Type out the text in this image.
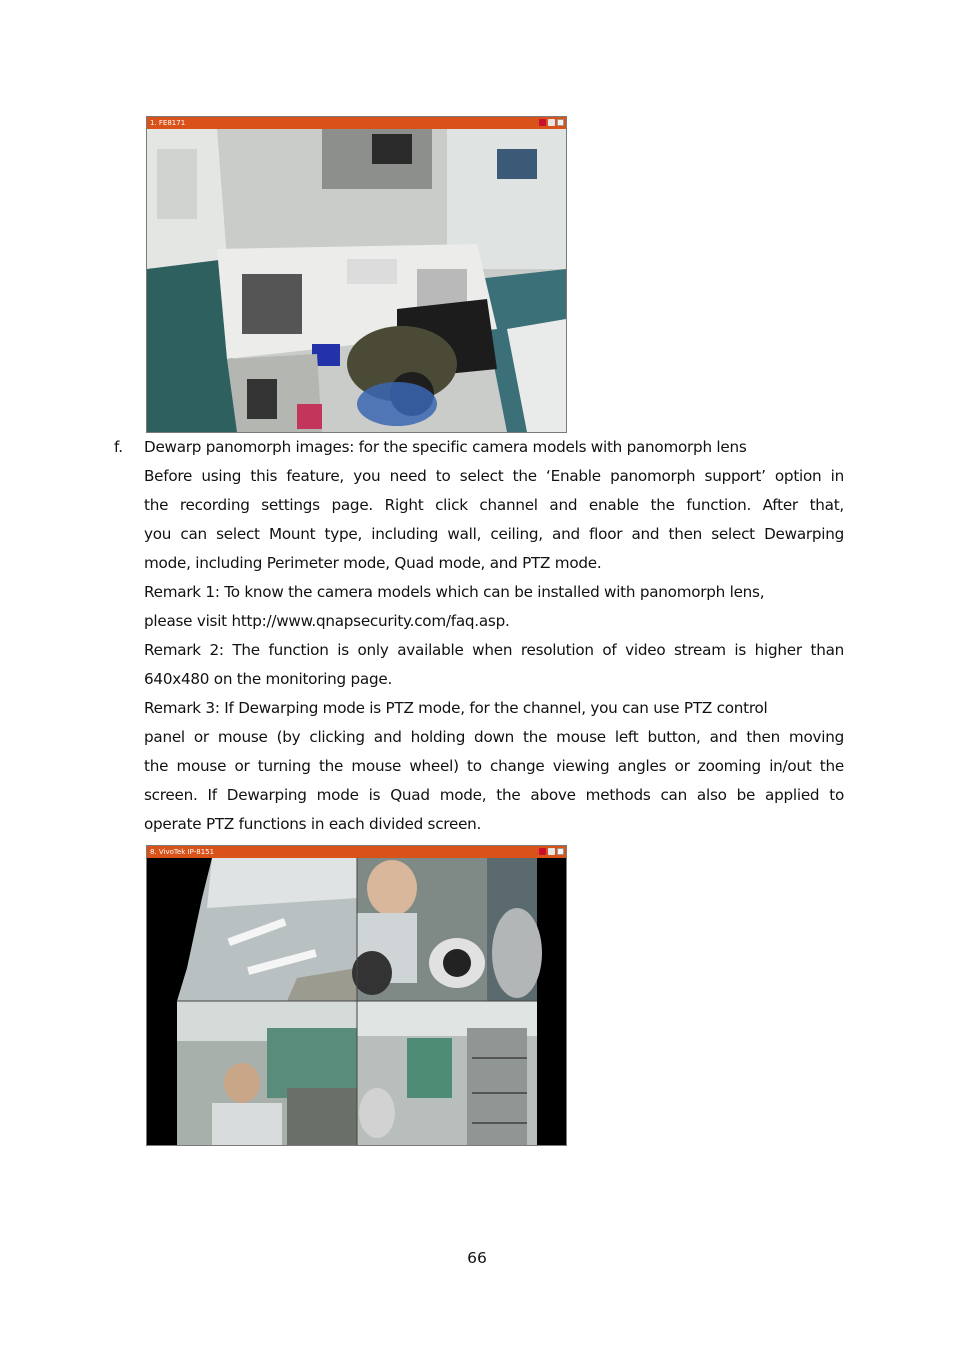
1. FE8171
f. Dewarp panomorph images: for the specific camera models with panomorph lens
Before using this feature, you need to select the ‘Enable panomorph support’ option in
the recording settings page. Right click channel and enable the function. After that,
you can select Mount type, including wall, ceiling, and floor and then select Dewarping
mode, including Perimeter mode, Quad mode, and PTZ mode.
Remark 1: To know the camera models which can be installed with panomorph lens,
please visit http://www.qnapsecurity.com/faq.asp.
Remark 2: The function is only available when resolution of video stream is higher than
640x480 on the monitoring page.
Remark 3: If Dewarping mode is PTZ mode, for the channel, you can use PTZ control
panel or mouse (by clicking and holding down the mouse left button, and then moving
the mouse or turning the mouse wheel) to change viewing angles or zooming in/out the
screen. If Dewarping mode is Quad mode, the above methods can also be applied to
operate PTZ functions in each divided screen.
8. VivoTek IP-8151
66
